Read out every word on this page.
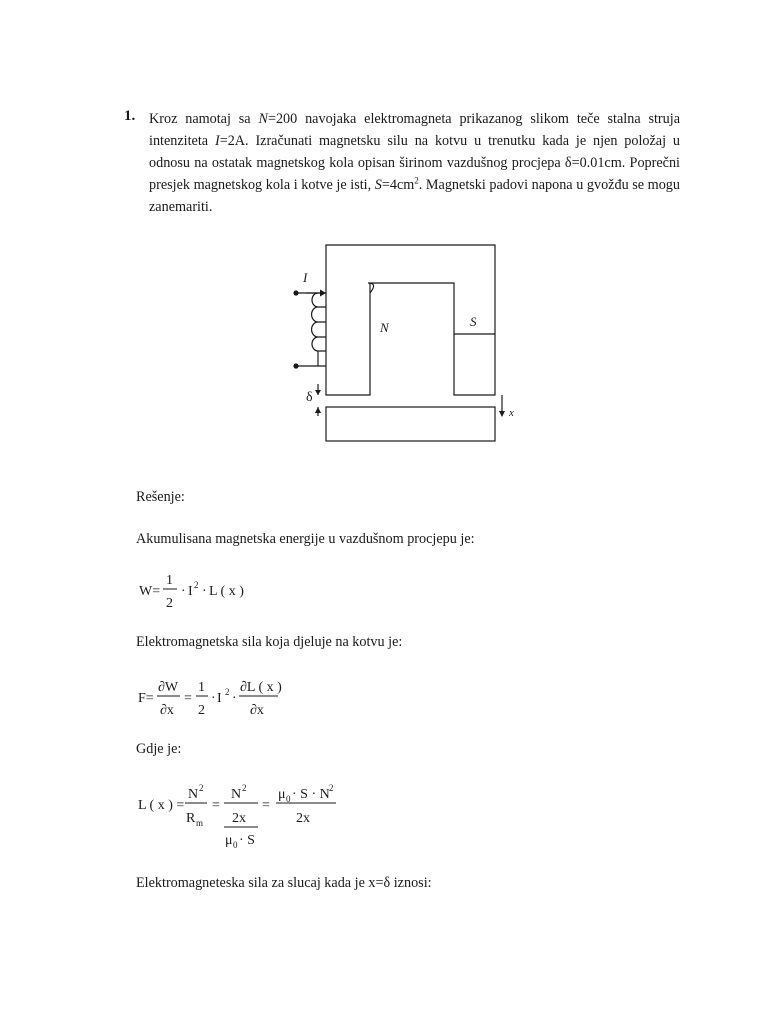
1. Kroz namotaj sa N=200 navojaka elektromagneta prikazanog slikom teče stalna struja intenziteta I=2A. Izračunati magnetsku silu na kotvu u trenutku kada je njen položaj u odnosu na ostatak magnetskog kola opisan širinom vazdušnog procjepa δ=0.01cm. Poprečni presjek magnetskog kola i kotve je isti, $S=4cm^2$. Magnetski padovi napona u gvožđu se mogu zanemariti.
I
N	S
δ
x
Rešenje:
Akumulisana magnetska energije u vazdušnom procjepu je:
W=
1
2
· I 2 · L ( x )
Elektromagnetska sila koja djeluje na kotvu je:
F=
∂W
∂x
=
1
2
· I 2 ·
∂L ( x )
∂x
Gdje je:
L ( x ) =
N 2
R m
=
N 2
2x
μ 0 · S
=
μ 0 · S · N 2
2x
Elektromagneteska sila za slucaj kada je x=δ iznosi:
